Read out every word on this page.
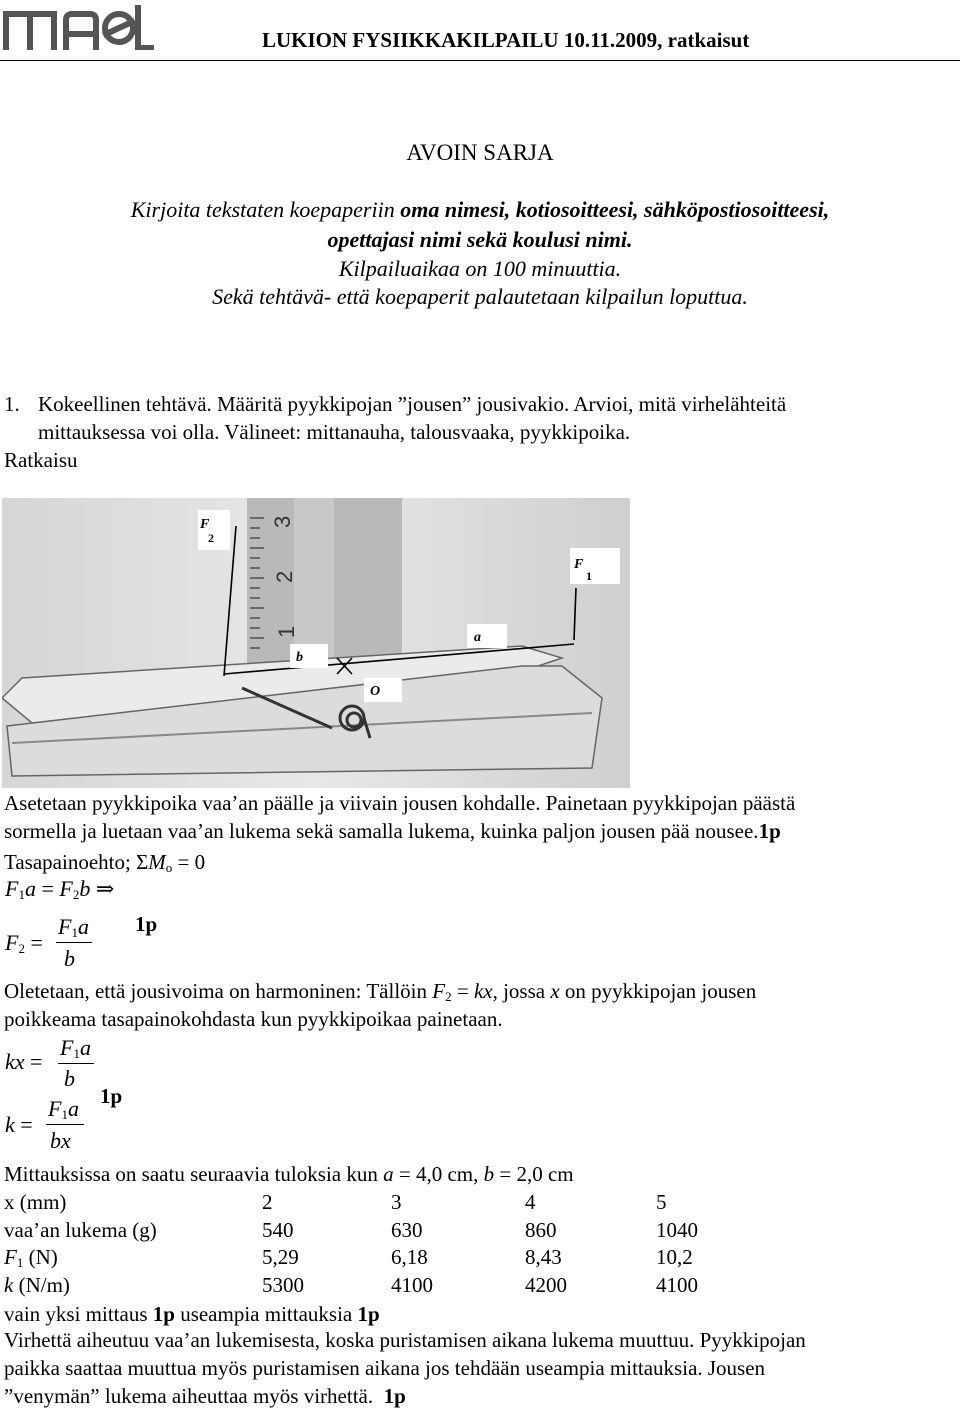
LUKION FYSIIKKAKILPAILU 10.11.2009, ratkaisut
AVOIN SARJA
Kirjoita tekstaten koepaperiin oma nimesi, kotiosoitteesi, sähköpostiosoitteesi,
opettajasi nimi sekä koulusi nimi.
Kilpailuaikaa on 100 minuuttia.
Sekä tehtävä- että koepaperit palautetaan kilpailun loputtua.
1. Kokeellinen tehtävä. Määritä pyykkipojan ”jousen” jousivakio. Arvioi, mitä virhelähteitä
mittauksessa voi olla. Välineet: mittanauha, talousvaaka, pyykkipoika.
Ratkaisu
3
2
1
F
2
F
1
b
a
O
Asetetaan pyykkipoika vaa’an päälle ja viivain jousen kohdalle. Painetaan pyykkipojan päästä
sormella ja luetaan vaa’an lukema sekä samalla lukema, kuinka paljon jousen pää nousee.1p
Tasapainoehto; $\Sigma M_o = 0$
$F_1a = F_2b$ ⇒
$F_2$ =
$F_1a$
b
1p
Oletetaan, että jousivoima on harmoninen: Tällöin $F_2$ = kx, jossa x on pyykkipojan jousen
poikkeama tasapainokohdasta kun pyykkipoikaa painetaan.
kx =
$F_1a$
b
1p
k =
$F_1a$
bx
Mittauksissa on saatu seuraavia tuloksia kun a = 4,0 cm, b = 2,0 cm
x (mm)	2	3	4	5
vaa’an lukema (g)	540	630	860	1040
$F_1$ (N)	5,29	6,18	8,43	10,2
k (N/m)	5300	4100	4200	4100
vain yksi mittaus 1p useampia mittauksia 1p
Virhettä aiheutuu vaa’an lukemisesta, koska puristamisen aikana lukema muuttuu. Pyykkipojan
paikka saattaa muuttua myös puristamisen aikana jos tehdään useampia mittauksia. Jousen
”venymän” lukema aiheuttaa myös virhettä. 1p
